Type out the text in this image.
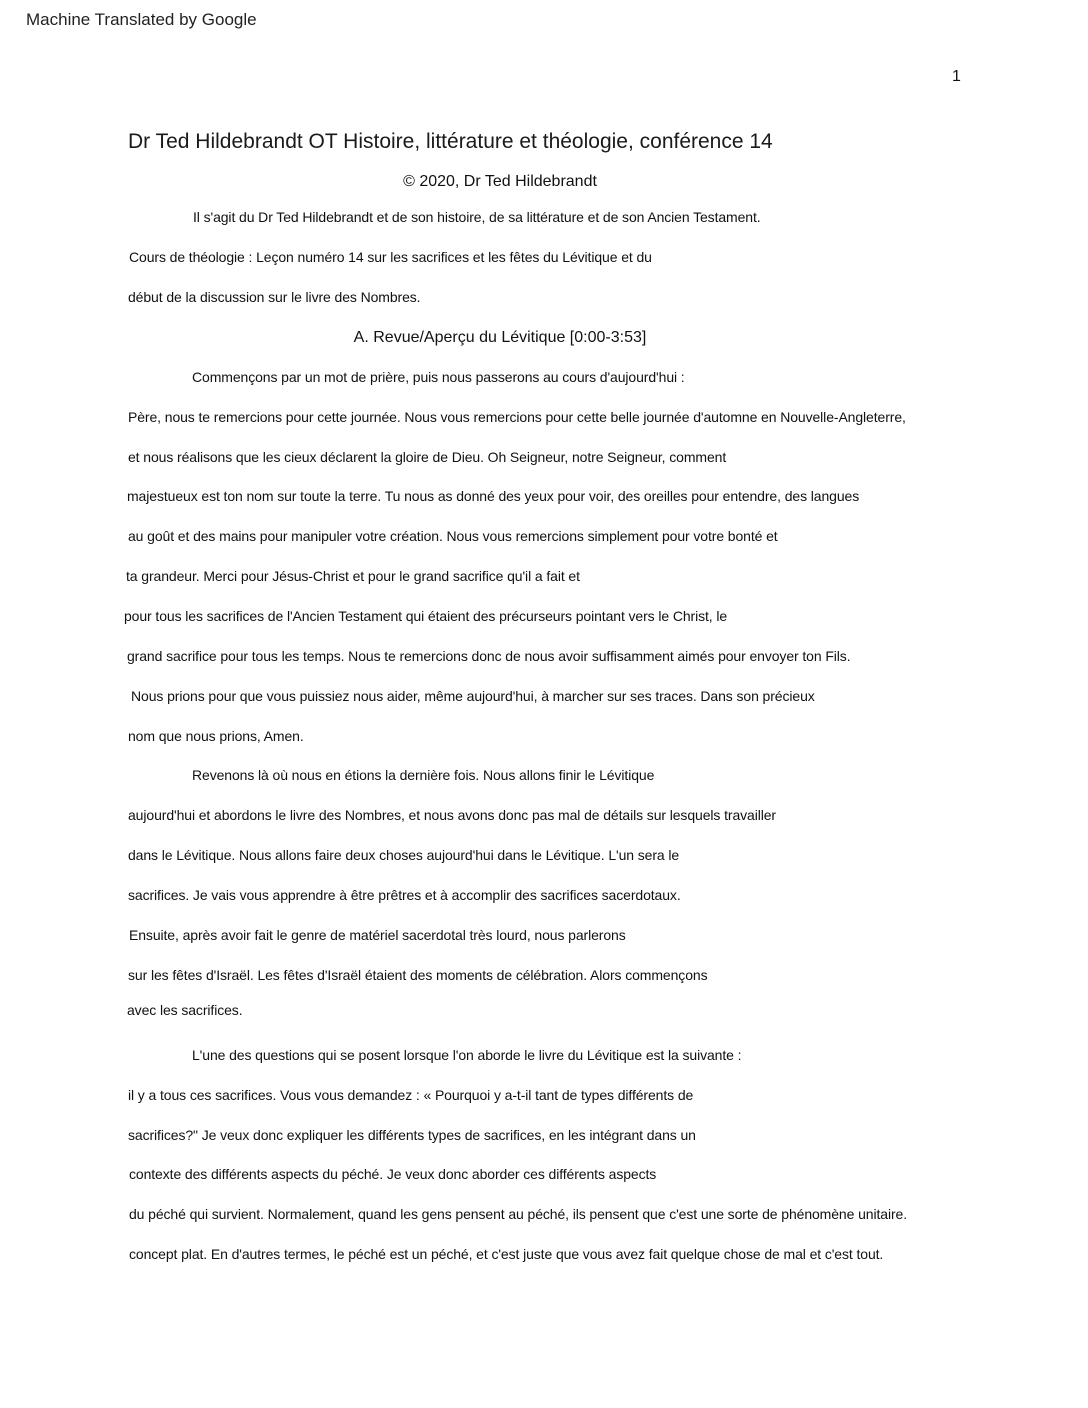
Machine Translated by Google
1
Dr Ted Hildebrandt OT Histoire, littérature et théologie, conférence 14
© 2020, Dr Ted Hildebrandt
Il s'agit du Dr Ted Hildebrandt et de son histoire, de sa littérature et de son Ancien Testament.
Cours de théologie : Leçon numéro 14 sur les sacrifices et les fêtes du Lévitique et du
début de la discussion sur le livre des Nombres.
A. Revue/Aperçu du Lévitique [0:00-3:53]
Commençons par un mot de prière, puis nous passerons au cours d'aujourd'hui :
Père, nous te remercions pour cette journée. Nous vous remercions pour cette belle journée d'automne en Nouvelle-Angleterre,
et nous réalisons que les cieux déclarent la gloire de Dieu. Oh Seigneur, notre Seigneur, comment
majestueux est ton nom sur toute la terre. Tu nous as donné des yeux pour voir, des oreilles pour entendre, des langues
au goût et des mains pour manipuler votre création. Nous vous remercions simplement pour votre bonté et
ta grandeur. Merci pour Jésus-Christ et pour le grand sacrifice qu'il a fait et
pour tous les sacrifices de l'Ancien Testament qui étaient des précurseurs pointant vers le Christ, le
grand sacrifice pour tous les temps. Nous te remercions donc de nous avoir suffisamment aimés pour envoyer ton Fils.
Nous prions pour que vous puissiez nous aider, même aujourd'hui, à marcher sur ses traces. Dans son précieux
nom que nous prions, Amen.
Revenons là où nous en étions la dernière fois. Nous allons finir le Lévitique
aujourd'hui et abordons le livre des Nombres, et nous avons donc pas mal de détails sur lesquels travailler
dans le Lévitique. Nous allons faire deux choses aujourd'hui dans le Lévitique. L'un sera le
sacrifices. Je vais vous apprendre à être prêtres et à accomplir des sacrifices sacerdotaux.
Ensuite, après avoir fait le genre de matériel sacerdotal très lourd, nous parlerons
sur les fêtes d'Israël. Les fêtes d'Israël étaient des moments de célébration. Alors commençons
avec les sacrifices.
L'une des questions qui se posent lorsque l'on aborde le livre du Lévitique est la suivante :
il y a tous ces sacrifices. Vous vous demandez : « Pourquoi y a-t-il tant de types différents de
sacrifices?" Je veux donc expliquer les différents types de sacrifices, en les intégrant dans un
contexte des différents aspects du péché. Je veux donc aborder ces différents aspects
du péché qui survient. Normalement, quand les gens pensent au péché, ils pensent que c'est une sorte de phénomène unitaire.
concept plat. En d'autres termes, le péché est un péché, et c'est juste que vous avez fait quelque chose de mal et c'est tout.
